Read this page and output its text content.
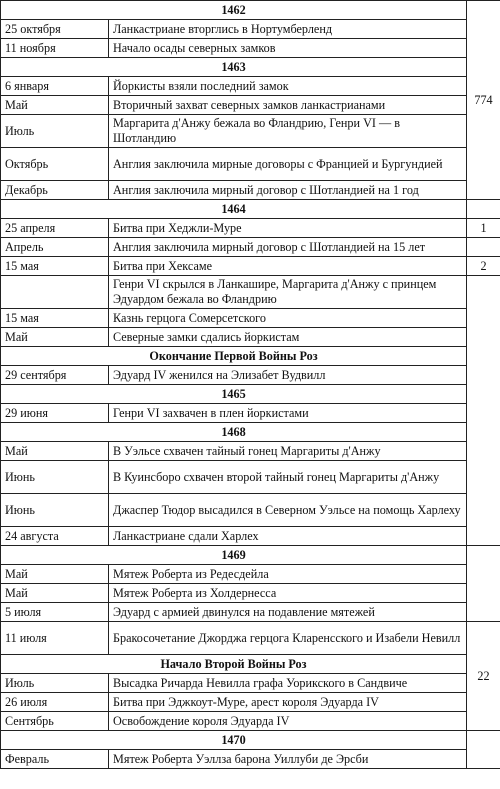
1462		774
25 октября	Ланкастриане вторглись в Нортумберленд	
11 ноября	Начало осады северных замков	
1463		
6 января	Йоркисты взяли последний замок	
Май	Вторичный захват северных замков ланкастрианами	
Июль	Маргарита д'Анжу бежала во Фландрию, Генри VI — в Шотландию	
Октябрь	Англия заключила мирные договоры с Францией и Бургундией	
Декабрь	Англия заключила мирный договор с Шотландией на 1 год	
1464		
25 апреля	Битва при Хеджли-Муре	1
Апрель	Англия заключила мирный договор с Шотландией на 15 лет	
15 мая	Битва при Хексаме	2
	Генри VI скрылся в Ланкашире, Маргарита д'Анжу с принцем Эдуардом бежала во Фландрию	
15 мая	Казнь герцога Сомерсетского	
Май	Северные замки сдались йоркистам	
Окончание Первой Войны Роз		
29 сентября	Эдуард IV женился на Элизабет Вудвилл	
1465		
29 июня	Генри VI захвачен в плен йоркистами	
1468		
Май	В Уэльсе схвачен тайный гонец Маргариты д'Анжу	
Июнь	В Куинсборо схвачен второй тайный гонец Маргариты д'Анжу	
Июнь	Джаспер Тюдор высадился в Северном Уэльсе на помощь Харлеху	
24 августа	Ланкастриане сдали Харлех	
1469		
Май	Мятеж Роберта из Редесдейла	
Май	Мятеж Роберта из Холдернесса	
5 июля	Эдуард с армией двинулся на подавление мятежей	
11 июля	Бракосочетание Джорджа герцога Кларенсского и Изабели Невилл	22
Начало Второй Войны Роз		
Июль	Высадка Ричарда Невилла графа Уорикского в Сандвиче	
26 июля	Битва при Эджкоут-Муре, арест короля Эдуарда IV	
Сентябрь	Освобождение короля Эдуарда IV	
1470		
Февраль	Мятеж Роберта Уэллза барона Уиллуби де Эрсби	
